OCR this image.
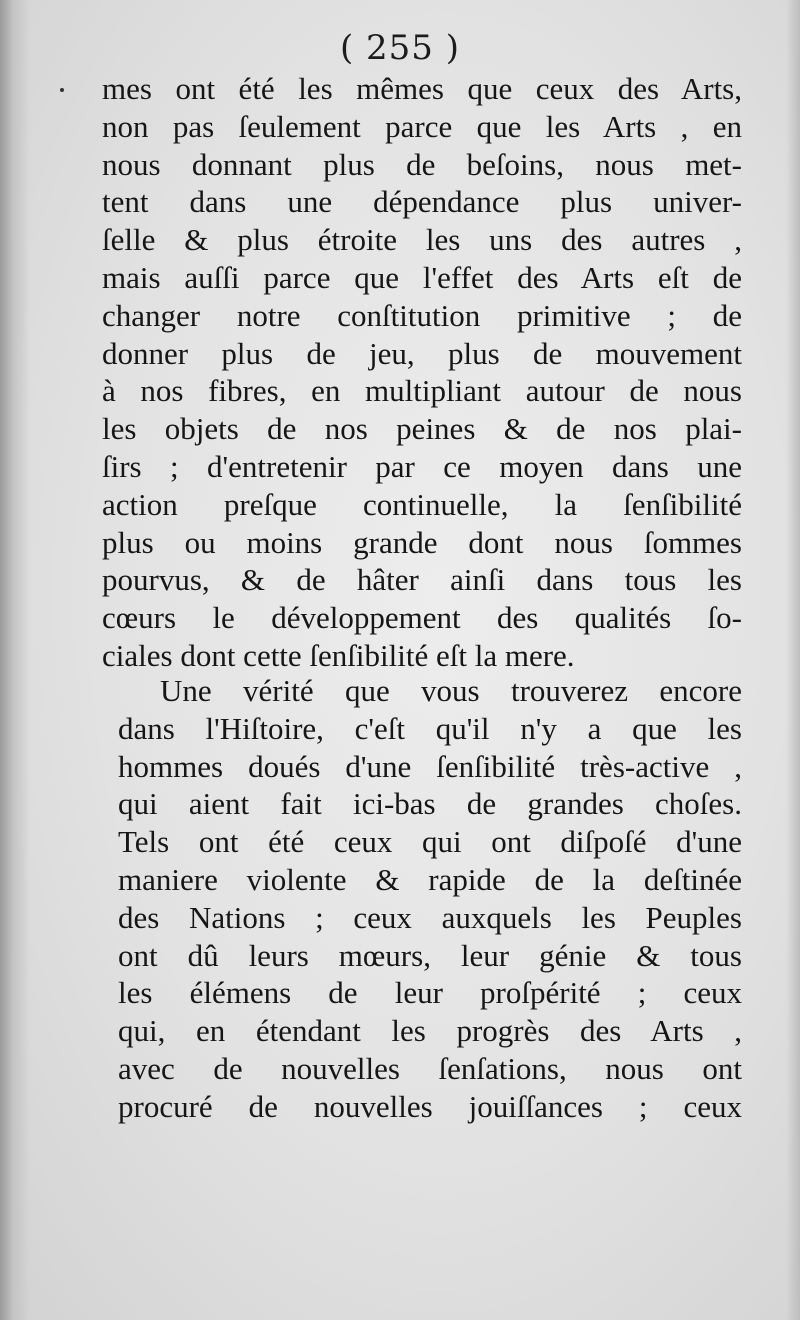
( 255 )
mes ont été les mêmes que ceux des Arts,
non pas ſeulement parce que les Arts , en
nous donnant plus de beſoins, nous met-
tent dans une dépendance plus univer-
ſelle & plus étroite les uns des autres ,
mais auſſi parce que l'effet des Arts eſt de
changer notre conſtitution primitive ; de
donner plus de jeu, plus de mouvement
à nos fibres, en multipliant autour de nous
les objets de nos peines & de nos plai-
ſirs ; d'entretenir par ce moyen dans une
action preſque continuelle, la ſenſibilité
plus ou moins grande dont nous ſommes
pourvus, & de hâter ainſi dans tous les
cœurs le développement des qualités ſo-
ciales dont cette ſenſibilité eſt la mere.
Une vérité que vous trouverez encore
dans l'Hiſtoire, c'eſt qu'il n'y a que les
hommes doués d'une ſenſibilité très-active ,
qui aient fait ici-bas de grandes choſes.
Tels ont été ceux qui ont diſpoſé d'une
maniere violente & rapide de la deſtinée
des Nations ; ceux auxquels les Peuples
ont dû leurs mœurs, leur génie & tous
les élémens de leur proſpérité ; ceux
qui, en étendant les progrès des Arts ,
avec de nouvelles ſenſations, nous ont
procuré de nouvelles jouiſſances ; ceux
